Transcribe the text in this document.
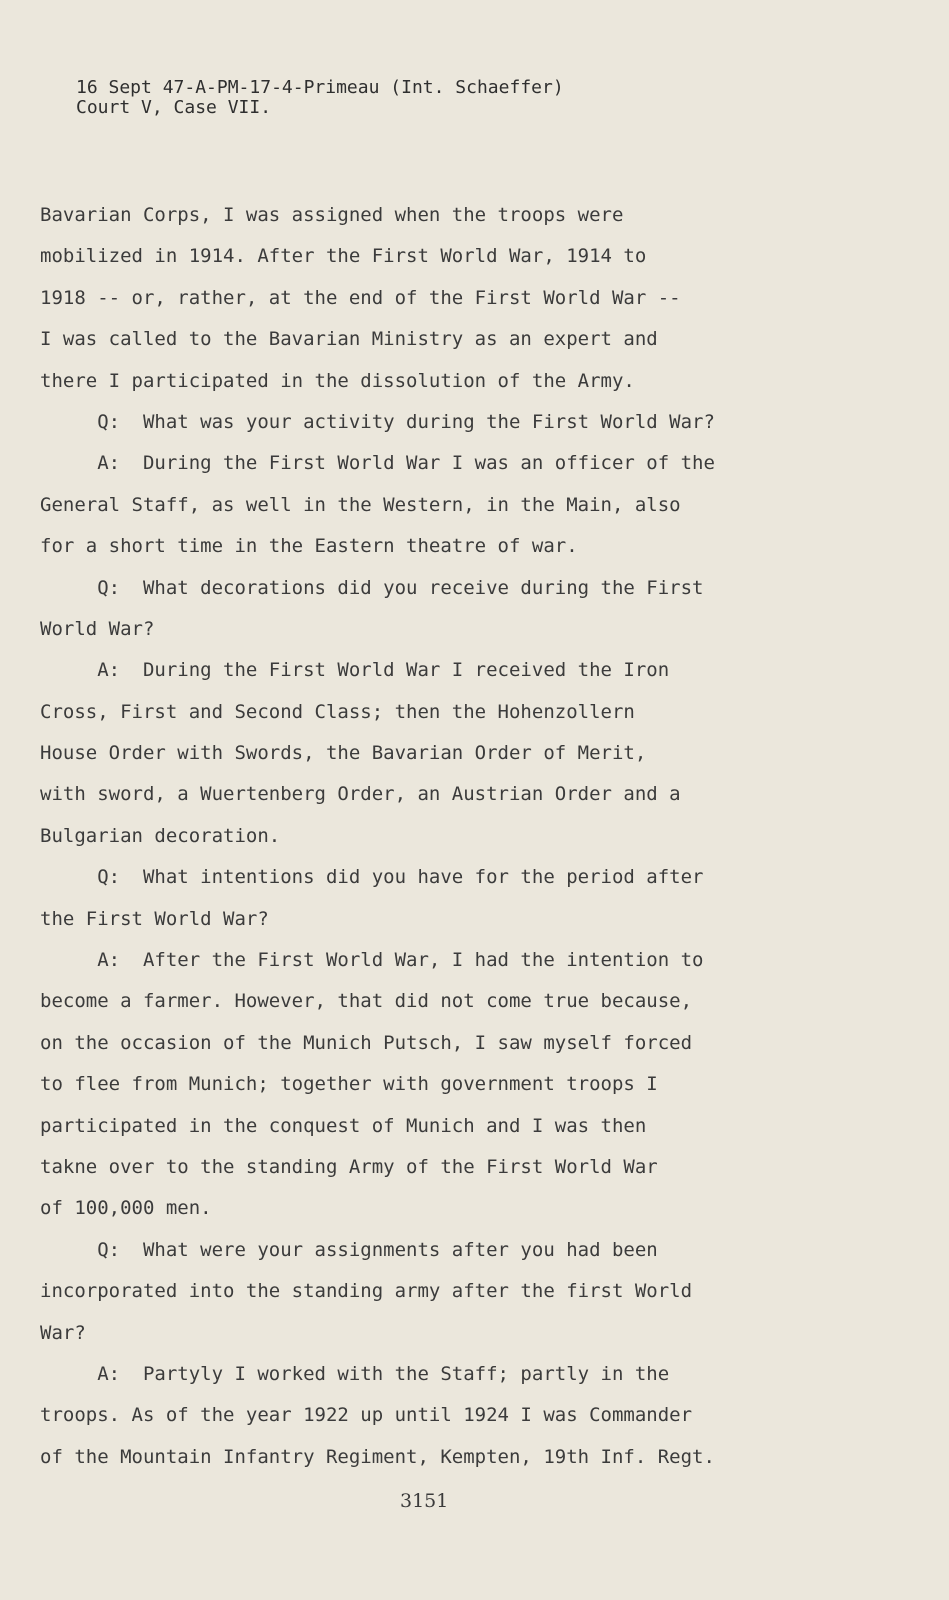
16 Sept 47-A-PM-17-4-Primeau (Int. Schaeffer)
Court V, Case VII.
Bavarian Corps, I was assigned when the troops were
mobilized in 1914. After the First World War, 1914 to
1918 -- or, rather, at the end of the First World War --
I was called to the Bavarian Ministry as an expert and
there I participated in the dissolution of the Army.
Q:  What was your activity during the First World War?
A:  During the First World War I was an officer of the
General Staff, as well in the Western, in the Main, also
for a short time in the Eastern theatre of war.
Q:  What decorations did you receive during the First
World War?
A:  During the First World War I received the Iron
Cross, First and Second Class; then the Hohenzollern
House Order with Swords, the Bavarian Order of Merit,
with sword, a Wuertenberg Order, an Austrian Order and a
Bulgarian decoration.
Q:  What intentions did you have for the period after
the First World War?
A:  After the First World War, I had the intention to
become a farmer. However, that did not come true because,
on the occasion of the Munich Putsch, I saw myself forced
to flee from Munich; together with government troops I
participated in the conquest of Munich and I was then
takne over to the standing Army of the First World War
of 100,000 men.
Q:  What were your assignments after you had been
incorporated into the standing army after the first World
War?
A:  Partyly I worked with the Staff; partly in the
troops. As of the year 1922 up until 1924 I was Commander
of the Mountain Infantry Regiment, Kempten, 19th Inf. Regt.
3151
